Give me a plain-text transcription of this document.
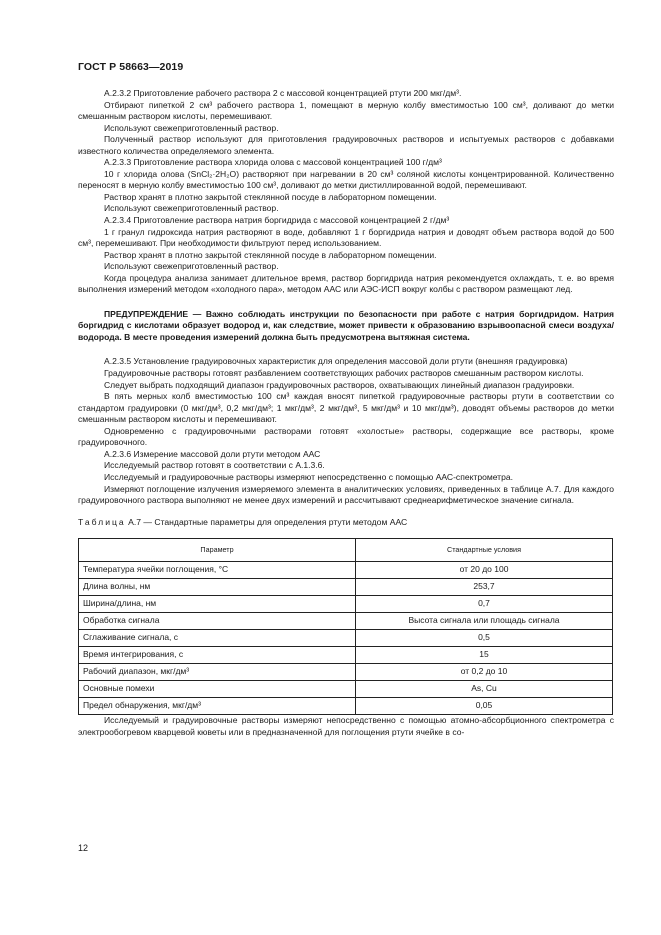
ГОСТ Р 58663—2019

А.2.3.2 Приготовление рабочего раствора 2 с массовой концентрацией ртути 200 мкг/дм³.

Отбирают пипеткой 2 см³ рабочего раствора 1, помещают в мерную колбу вместимостью 100 см³, доливают до метки смешанным раствором кислоты, перемешивают.

Используют свежеприготовленный раствор.

Полученный раствор используют для приготовления градуировочных растворов и испытуемых растворов с добавками известного количества определяемого элемента.

А.2.3.3 Приготовление раствора хлорида олова с массовой концентрацией 100 г/дм³

10 г хлорида олова (SnCl₂·2H₂O) растворяют при нагревании в 20 см³ соляной кислоты концентрированной. Количественно переносят в мерную колбу вместимостью 100 см³, доливают до метки дистиллированной водой, перемешивают.

Раствор хранят в плотно закрытой стеклянной посуде в лабораторном помещении.

Используют свежеприготовленный раствор.

А.2.3.4 Приготовление раствора натрия боргидрида с массовой концентрацией 2 г/дм³

1 г гранул гидроксида натрия растворяют в воде, добавляют 1 г боргидрида натрия и доводят объем раствора водой до 500 см³, перемешивают. При необходимости фильтруют перед использованием.

Раствор хранят в плотно закрытой стеклянной посуде в лабораторном помещении.

Используют свежеприготовленный раствор.

Когда процедура анализа занимает длительное время, раствор боргидрида натрия рекомендуется охлаждать, т. е. во время выполнения измерений методом «холодного пара», методом ААС или АЭС-ИСП вокруг колбы с раствором размещают лед.

ПРЕДУПРЕЖДЕНИЕ — Важно соблюдать инструкции по безопасности при работе с натрия боргидридом. Натрия боргидрид с кислотами образует водород и, как следствие, может привести к образованию взрывоопасной смеси воздуха/водорода. В месте проведения измерений должна быть предусмотрена вытяжная система.

А.2.3.5 Установление градуировочных характеристик для определения массовой доли ртути (внешняя градуировка)

Градуировочные растворы готовят разбавлением соответствующих рабочих растворов смешанным раствором кислоты.

Следует выбрать подходящий диапазон градуировочных растворов, охватывающих линейный диапазон градуировки.

В пять мерных колб вместимостью 100 см³ каждая вносят пипеткой градуировочные растворы ртути в соответствии со стандартом градуировки (0 мкг/дм³, 0,2 мкг/дм³; 1 мкг/дм³, 2 мкг/дм³, 5 мкг/дм³ и 10 мкг/дм³), доводят объемы растворов до метки смешанным раствором кислоты и перемешивают.

Одновременно с градуировочными растворами готовят «холостые» растворы, содержащие все растворы, кроме градуировочного.

А.2.3.6 Измерение массовой доли ртути методом ААС

Исследуемый раствор готовят в соответствии с А.1.3.6.

Исследуемый и градуировочные растворы измеряют непосредственно с помощью ААС-спектрометра.

Измеряют поглощение излучения измеряемого элемента в аналитических условиях, приведенных в таблице А.7. Для каждого градуировочного раствора выполняют не менее двух измерений и рассчитывают среднеарифметическое значение сигнала.

Таблица А.7 — Стандартные параметры для определения ртути методом ААС
Параметр	Стандартные условия
Температура ячейки поглощения, °С	от 20 до 100
Длина волны, нм	253,7
Ширина/длина, нм	0,7
Обработка сигнала	Высота сигнала или площадь сигнала
Сглаживание сигнала, с	0,5
Время интегрирования, с	15
Рабочий диапазон, мкг/дм³	от 0,2 до 10
Основные помехи	As, Cu
Предел обнаружения, мкг/дм³	0,05

Исследуемый и градуировочные растворы измеряют непосредственно с помощью атомно-абсорбционного спектрометра с электрообогревом кварцевой кюветы или в предназначенной для поглощения ртути ячейке в со-

12
